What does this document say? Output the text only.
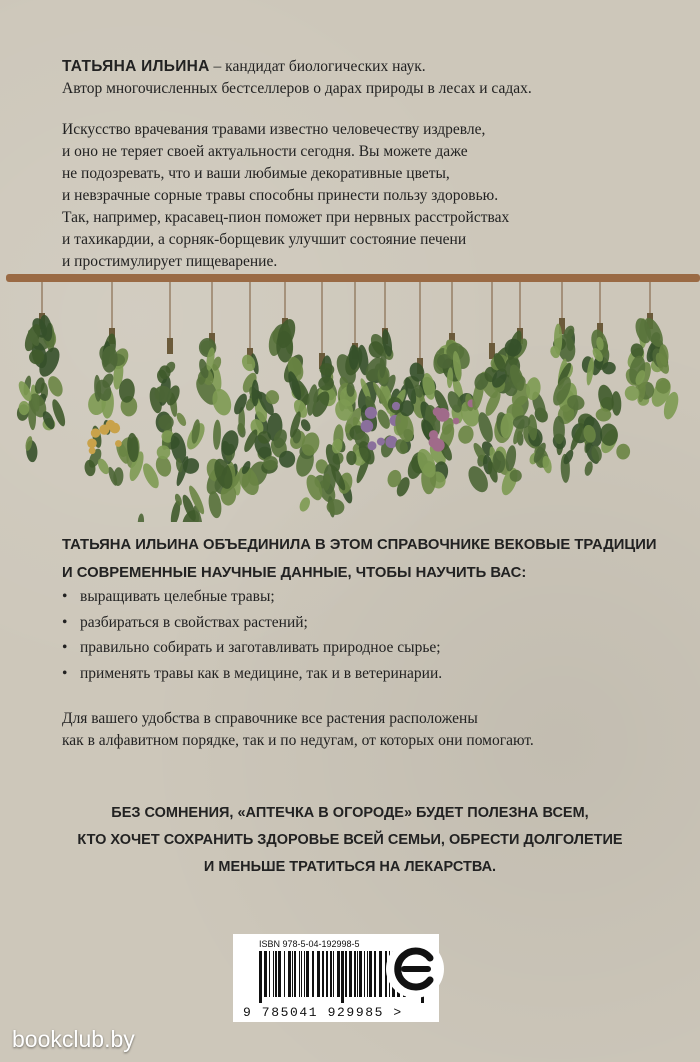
ТАТЬЯНА ИЛЬИНА – кандидат биологических наук.
Автор многочисленных бестселлеров о дарах природы в лесах и садах.
Искусство врачевания травами известно человечеству издревле,
и оно не теряет своей актуальности сегодня. Вы можете даже
не подозревать, что и ваши любимые декоративные цветы,
и невзрачные сорные травы способны принести пользу здоровью.
Так, например, красавец-пион поможет при нервных расстройствах
и тахикардии, а сорняк-борщевик улучшит состояние печени
и простимулирует пищеварение.
ТАТЬЯНА ИЛЬИНА ОБЪЕДИНИЛА В ЭТОМ СПРАВОЧНИКЕ ВЕКОВЫЕ ТРАДИЦИИ
И СОВРЕМЕННЫЕ НАУЧНЫЕ ДАННЫЕ, ЧТОБЫ НАУЧИТЬ ВАС:
• выращивать целебные травы;
• разбираться в свойствах растений;
• правильно собирать и заготавливать природное сырье;
• применять травы как в медицине, так и в ветеринарии.
Для вашего удобства в справочнике все растения расположены
как в алфавитном порядке, так и по недугам, от которых они помогают.
БЕЗ СОМНЕНИЯ, «АПТЕЧКА В ОГОРОДЕ» БУДЕТ ПОЛЕЗНА ВСЕМ,
КТО ХОЧЕТ СОХРАНИТЬ ЗДОРОВЬЕ ВСЕЙ СЕМЬИ, ОБРЕСТИ ДОЛГОЛЕТИЕ
И МЕНЬШЕ ТРАТИТЬСЯ НА ЛЕКАРСТВА.
ISBN 978-5-04-192998-5
9 785041 929985 >
bookclub.by
